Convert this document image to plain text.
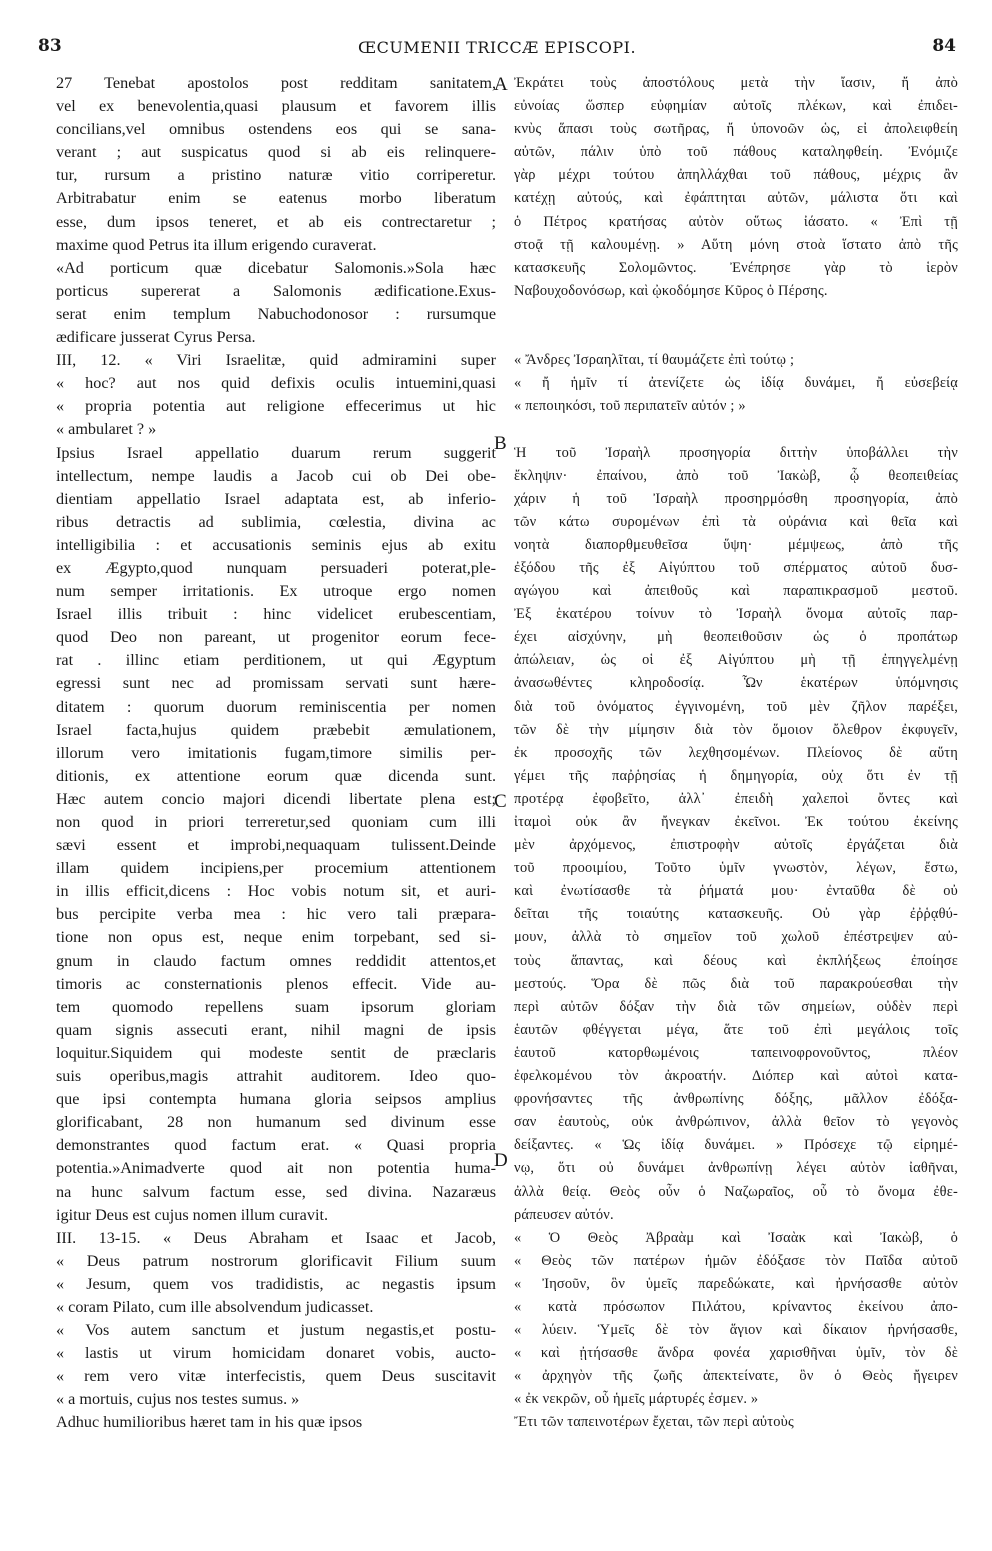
83	ŒCUMENII TRICCÆ EPISCOPI.	84
27 Tenebat apostolos post redditam sanitatem,
vel ex benevolentia,quasi plausum et favorem illis
concilians,vel omnibus ostendens eos qui se sana-
verant ; aut suspicatus quod si ab eis relinquere-
tur, rursum a pristino naturæ vitio corriperetur.
Arbitrabatur enim se eatenus morbo liberatum
esse, dum ipsos teneret, et ab eis contrectaretur ;
maxime quod Petrus ita illum erigendo curaverat.
«Ad porticum quæ dicebatur Salomonis.»Sola hæc
porticus supererat a Salomonis ædificatione.Exus-
serat enim templum Nabuchodonosor : rursumque
ædificare jusserat Cyrus Persa.
III, 12. « Viri Israelitæ, quid admiramini super
« hoc? aut nos quid defixis oculis intuemini,quasi
« propria potentia aut religione effecerimus ut hic
« ambularet ? »
Ipsius Israel appellatio duarum rerum suggerit
intellectum, nempe laudis a Jacob cui ob Dei obe-
dientiam appellatio Israel adaptata est, ab inferio-
ribus detractis ad sublimia, cœlestia, divina ac
intelligibilia : et accusationis seminis ejus ab exitu
ex Ægypto,quod nunquam persuaderi poterat,ple-
num semper irritationis. Ex utroque ergo nomen
Israel illis tribuit : hinc videlicet erubescentiam,
quod Deo non pareant, ut progenitor eorum fece-
rat . illinc etiam perditionem, ut qui Ægyptum
egressi sunt nec ad promissam servati sunt hære-
ditatem : quorum duorum reminiscentia per nomen
Israel facta,hujus quidem præbebit æmulationem,
illorum vero imitationis fugam,timore similis per-
ditionis, ex attentione eorum quæ dicenda sunt.
Hæc autem concio majori dicendi libertate plena est;
non quod in priori terreretur,sed quoniam cum illi
sævi essent et improbi,nequaquam tulissent.Deinde
illam quidem incipiens,per procemium attentionem
in illis efficit,dicens : Hoc vobis notum sit, et auri-
bus percipite verba mea : hic vero tali præpara-
tione non opus est, neque enim torpebant, sed si-
gnum in claudo factum omnes reddidit attentos,et
timoris ac consternationis plenos effecit. Vide au-
tem quomodo repellens suam ipsorum gloriam
quam signis assecuti erant, nihil magni de ipsis
loquitur.Siquidem qui modeste sentit de præclaris
suis operibus,magis attrahit auditorem. Ideo quo-
que ipsi contempta humana gloria seipsos amplius
glorificabant, 28 non humanum sed divinum esse
demonstrantes quod factum erat. « Quasi propria
potentia.»Animadverte quod ait non potentia huma-
na hunc salvum factum esse, sed divina. Nazaræus
igitur Deus est cujus nomen illum curavit.
III. 13-15. « Deus Abraham et Isaac et Jacob,
« Deus patrum nostrorum glorificavit Filium suum
« Jesum, quem vos tradidistis, ac negastis ipsum
« coram Pilato, cum ille absolvendum judicasset.
« Vos autem sanctum et justum negastis,et postu-
« lastis ut virum homicidam donaret vobis, aucto-
« rem vero vitæ interfecistis, quem Deus suscitavit
« a mortuis, cujus nos testes sumus. »
Adhuc humilioribus hæret tam in his quæ ipsos
Ἐκράτει τοὺς ἀποστόλους μετὰ τὴν ἴασιν, ἤ ἀπὸ
εὐνοίας ὥσπερ εὐφημίαν αὐτοῖς πλέκων, καὶ ἐπιδει-
κνὺς ἅπασι τοὺς σωτῆρας, ἤ ὑπονοῶν ὡς, εἰ ἀπολειφθείη
αὐτῶν, πάλιν ὑπὸ τοῦ πάθους καταληφθείη. Ἐνόμιζε
γὰρ μέχρι τούτου ἀπηλλάχθαι τοῦ πάθους, μέχρις ἂν
κατέχῃ αὐτούς, καὶ ἐφάπτηται αὐτῶν, μάλιστα ὅτι καὶ
ὁ Πέτρος κρατήσας αὐτὸν οὕτως ἰάσατο. « Ἐπὶ τῇ
στοᾷ τῇ καλουμένῃ. » Αὕτη μόνη στοὰ ἵστατο ἀπὸ τῆς
κατασκευῆς Σολομῶντος. Ἐνέπρησε γὰρ τὸ ἱερὸν
Ναβουχοδονόσωρ, καὶ ᾠκοδόμησε Κῦρος ὁ Πέρσης.
« Ἄνδρες Ἰσραηλῖται, τί θαυμάζετε ἐπὶ τούτῳ ;
« ἤ ἡμῖν τί ἀτενίζετε ὡς ἰδίᾳ δυνάμει, ἤ εὐσεβείᾳ
« πεποιηκόσι, τοῦ περιπατεῖν αὐτόν ; »
Ἡ τοῦ Ἰσραὴλ προσηγορία διττὴν ὑποβάλλει τὴν
ἔκληψιν· ἐπαίνου, ἀπὸ τοῦ Ἰακὼβ, ᾧ θεοπειθείας
χάριν ἡ τοῦ Ἰσραὴλ προσηρμόσθη προσηγορία, ἀπὸ
τῶν κάτω συρομένων ἐπὶ τὰ οὐράνια καὶ θεῖα καὶ
νοητὰ διαπορθμευθεῖσα ὕψη· μέμψεως, ἀπὸ τῆς
ἐξόδου τῆς ἐξ Αἰγύπτου τοῦ σπέρματος αὐτοῦ δυσ-
αγώγου καὶ ἀπειθοῦς καὶ παραπικρασμοῦ μεστοῦ.
Ἐξ ἑκατέρου τοίνυν τὸ Ἰσραὴλ ὄνομα αὐτοῖς παρ-
έχει αἰσχύνην, μὴ θεοπειθοῦσιν ὡς ὁ προπάτωρ
ἀπώλειαν, ὡς οἱ ἐξ Αἰγύπτου μὴ τῇ ἐπηγγελμένῃ
ἀνασωθέντες κληροδοσίᾳ. Ὧν ἑκατέρων ὑπόμνησις
διὰ τοῦ ὀνόματος ἐγγινομένη, τοῦ μὲν ζῆλον παρέξει,
τῶν δὲ τὴν μίμησιν διὰ τὸν ὅμοιον ὄλεθρον ἐκφυγεῖν,
ἐκ προσοχῆς τῶν λεχθησομένων. Πλείονος δὲ αὕτη
γέμει τῆς παῤῥησίας ἡ δημηγορία, οὐχ ὅτι ἐν τῇ
προτέρᾳ ἐφοβεῖτο, ἀλλ᾽ ἐπειδὴ χαλεποὶ ὄντες καὶ
ἰταμοὶ οὐκ ἂν ἤνεγκαν ἐκεῖνοι. Ἐκ τούτου ἐκείνης
μὲν ἀρχόμενος, ἐπιστροφὴν αὐτοῖς ἐργάζεται διὰ
τοῦ προοιμίου, Τοῦτο ὑμῖν γνωστὸν, λέγων, ἔστω,
καὶ ἐνωτίσασθε τὰ ῥήματά μου· ἐνταῦθα δὲ οὐ
δεῖται τῆς τοιαύτης κατασκευῆς. Οὐ γὰρ ἐῤῥᾳθύ-
μουν, ἀλλὰ τὸ σημεῖον τοῦ χωλοῦ ἐπέστρεψεν αὐ-
τοὺς ἅπαντας, καὶ δέους καὶ ἐκπλήξεως ἐποίησε
μεστούς. Ὅρα δὲ πῶς διὰ τοῦ παρακρούεσθαι τὴν
περὶ αὐτῶν δόξαν τὴν διὰ τῶν σημείων, οὐδὲν περὶ
ἑαυτῶν φθέγγεται μέγα, ἅτε τοῦ ἐπὶ μεγάλοις τοῖς
ἑαυτοῦ κατορθωμένοις ταπεινοφρονοῦντος, πλέον
ἐφελκομένου τὸν ἀκροατήν. Διόπερ καὶ αὐτοὶ κατα-
φρονήσαντες τῆς ἀνθρωπίνης δόξης, μᾶλλον ἐδόξα-
σαν ἑαυτοὺς, οὐκ ἀνθρώπινον, ἀλλὰ θεῖον τὸ γεγονὸς
δείξαντες. « Ὡς ἰδίᾳ δυνάμει. » Πρόσεχε τῷ εἰρημέ-
νῳ, ὅτι οὐ δυνάμει ἀνθρωπίνῃ λέγει αὐτὸν ἰαθῆναι,
ἀλλὰ θείᾳ. Θεὸς οὖν ὁ Ναζωραῖος, οὗ τὸ ὄνομα ἐθε-
ράπευσεν αὐτόν.
« Ὁ Θεὸς Ἀβραὰμ καὶ Ἰσαὰκ καὶ Ἰακὼβ, ὁ
« Θεὸς τῶν πατέρων ἡμῶν ἐδόξασε τὸν Παῖδα αὐτοῦ
« Ἰησοῦν, ὃν ὑμεῖς παρεδώκατε, καὶ ἠρνήσασθε αὐτὸν
« κατὰ πρόσωπον Πιλάτου, κρίναντος ἐκείνου ἀπο-
« λύειν. Ὑμεῖς δὲ τὸν ἅγιον καὶ δίκαιον ἠρνήσασθε,
« καὶ ᾐτήσασθε ἄνδρα φονέα χαρισθῆναι ὑμῖν, τὸν δὲ
« ἀρχηγὸν τῆς ζωῆς ἀπεκτείνατε, ὃν ὁ Θεὸς ἤγειρεν
« ἐκ νεκρῶν, οὗ ἡμεῖς μάρτυρές ἐσμεν. »
Ἔτι τῶν ταπεινοτέρων ἔχεται, τῶν περὶ αὐτοὺς
A
B
C
D
